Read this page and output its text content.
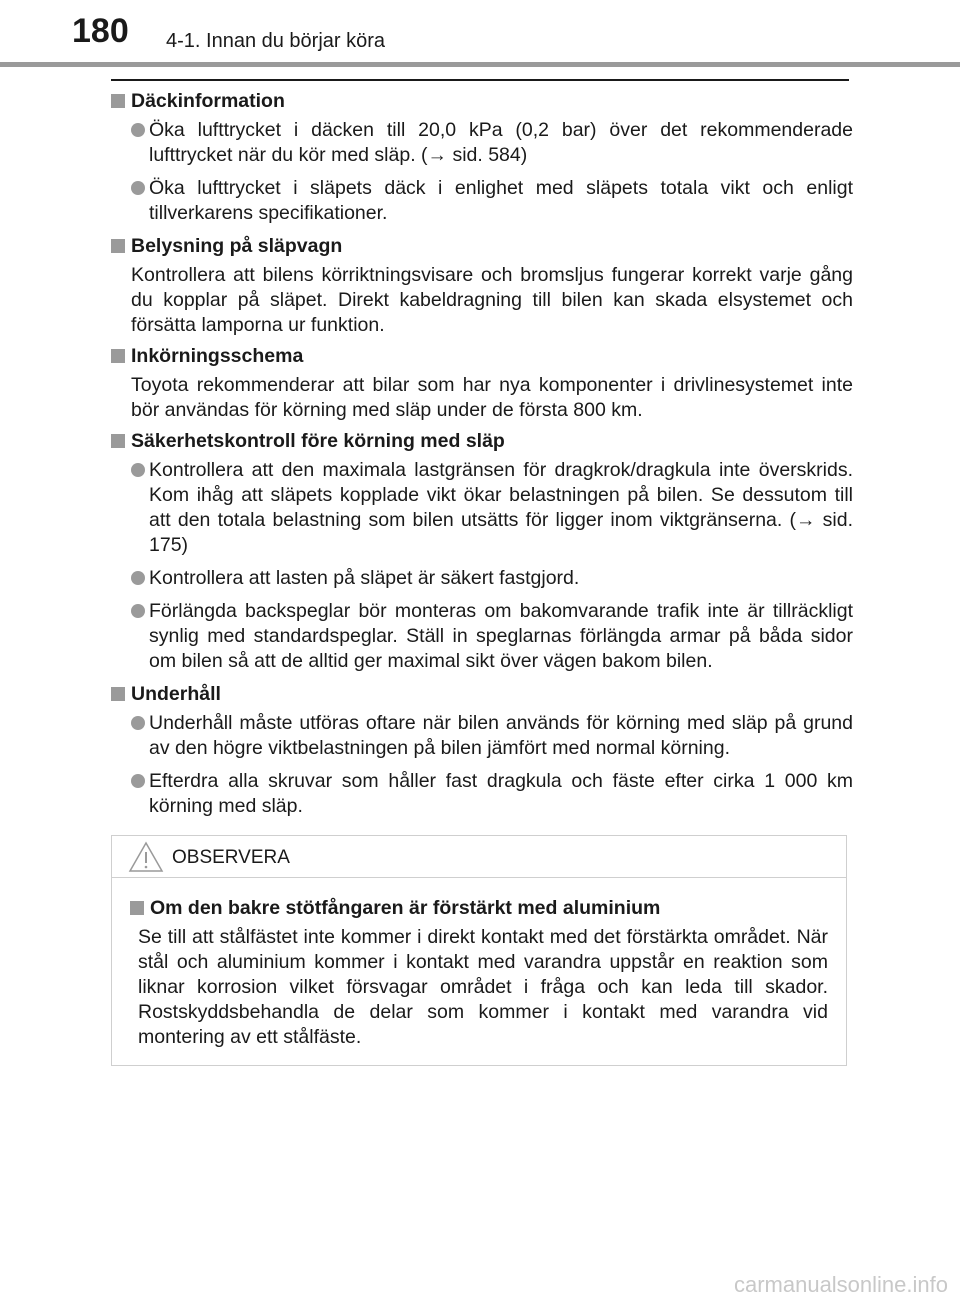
180 4-1. Innan du börjar köra
Däckinformation
Öka lufttrycket i däcken till 20,0 kPa (0,2 bar) över det rekommenderade lufttrycket när du kör med släp. (→ sid. 584)
Öka lufttrycket i släpets däck i enlighet med släpets totala vikt och enligt tillverkarens specifikationer.
Belysning på släpvagn
Kontrollera att bilens körriktningsvisare och bromsljus fungerar korrekt varje gång du kopplar på släpet. Direkt kabeldragning till bilen kan skada elsystemet och försätta lamporna ur funktion.
Inkörningsschema
Toyota rekommenderar att bilar som har nya komponenter i drivlinesystemet inte bör användas för körning med släp under de första 800 km.
Säkerhetskontroll före körning med släp
Kontrollera att den maximala lastgränsen för dragkrok/dragkula inte överskrids. Kom ihåg att släpets kopplade vikt ökar belastningen på bilen. Se dessutom till att den totala belastning som bilen utsätts för ligger inom viktgränserna. (→ sid. 175)
Kontrollera att lasten på släpet är säkert fastgjord.
Förlängda backspeglar bör monteras om bakomvarande trafik inte är tillräckligt synlig med standardspeglar. Ställ in speglarnas förlängda armar på båda sidor om bilen så att de alltid ger maximal sikt över vägen bakom bilen.
Underhåll
Underhåll måste utföras oftare när bilen används för körning med släp på grund av den högre viktbelastningen på bilen jämfört med normal körning.
Efterdra alla skruvar som håller fast dragkula och fäste efter cirka 1 000 km körning med släp.
OBSERVERA
Om den bakre stötfångaren är förstärkt med aluminium
Se till att stålfästet inte kommer i direkt kontakt med det förstärkta området. När stål och aluminium kommer i kontakt med varandra uppstår en reaktion som liknar korrosion vilket försvagar området i fråga och kan leda till skador. Rostskyddsbehandla de delar som kommer i kontakt med varandra vid montering av ett stålfäste.
carmanualsonline.info
